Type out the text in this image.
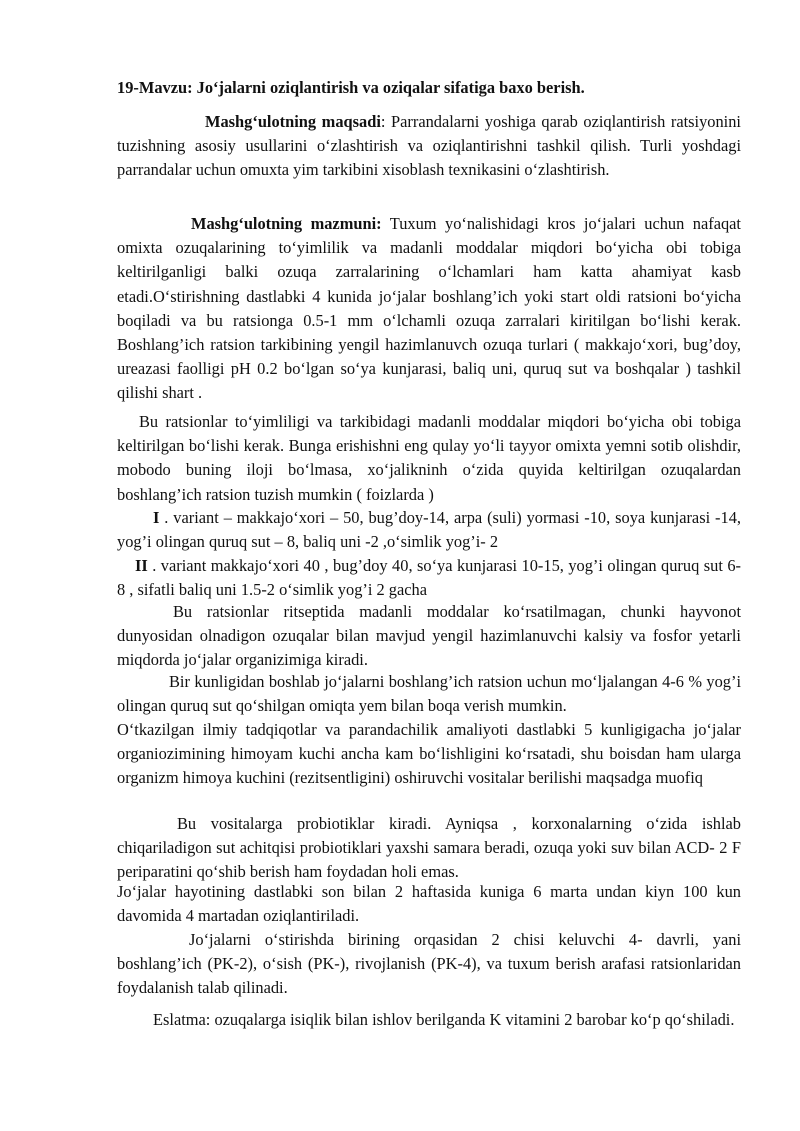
19-Mavzu: Jo‘jalarni oziqlantirish va oziqalar sifatiga baxo berish.

Mashg‘ulotning maqsadi: Parrandalarni yoshiga qarab oziqlantirish ratsiyonini tuzishning asosiy usullarini o‘zlashtirish va oziqlantirishni tashkil qilish. Turli yoshdagi parrandalar uchun omuxta yim tarkibini xisoblash texnikasini o‘zlashtirish.

Mashg‘ulotning mazmuni: Tuxum yo‘nalishidagi kros jo‘jalari uchun nafaqat omixta ozuqalarining to‘yimlilik va madanli moddalar miqdori bo‘yicha obi tobiga keltirilganligi balki ozuqa zarralarining o‘lchamlari ham katta ahamiyat kasb etadi.O‘stirishning dastlabki 4 kunida jo‘jalar boshlang’ich yoki start oldi ratsioni bo‘yicha boqiladi va bu ratsionga 0.5-1 mm o‘lchamli ozuqa zarralari kiritilgan bo‘lishi kerak. Boshlang’ich ratsion tarkibining yengil hazimlanuvch ozuqa turlari ( makkajo‘xori, bug’doy, ureazasi faolligi pH 0.2 bo‘lgan so‘ya kunjarasi, baliq uni, quruq sut va boshqalar ) tashkil qilishi shart .

Bu ratsionlar to‘yimliligi va tarkibidagi madanli moddalar miqdori bo‘yicha obi tobiga keltirilgan bo‘lishi kerak. Bunga erishishni eng qulay yo‘li tayyor omixta yemni sotib olishdir, mobodo buning iloji bo‘lmasa, xo‘jalikninh o‘zida quyida keltirilgan ozuqalardan boshlang’ich ratsion tuzish mumkin ( foizlarda )

I . variant – makkajo‘xori – 50, bug’doy-14, arpa (suli) yormasi -10, soya kunjarasi -14, yog’i olingan quruq sut – 8, baliq uni -2 ,o‘simlik yog’i- 2

II . variant makkajo‘xori 40 , bug’doy 40, so‘ya kunjarasi 10-15, yog’i olingan quruq sut 6-8 , sifatli baliq uni 1.5-2 o‘simlik yog’i 2 gacha

Bu ratsionlar ritseptida madanli moddalar ko‘rsatilmagan, chunki hayvonot dunyosidan olnadigon ozuqalar bilan mavjud yengil hazimlanuvchi kalsiy va fosfor yetarli miqdorda jo‘jalar organizimiga kiradi.

Bir kunligidan boshlab jo‘jalarni boshlang’ich ratsion uchun mo‘ljalangan 4-6 % yog’i olingan quruq sut qo‘shilgan omiqta yem bilan boqa verish mumkin.

O‘tkazilgan ilmiy tadqiqotlar va parandachilik amaliyoti dastlabki 5 kunligigacha jo‘jalar organiozimining himoyam kuchi ancha kam bo‘lishligini ko‘rsatadi, shu boisdan ham ularga organizm himoya kuchini (rezitsentligini) oshiruvchi vositalar berilishi maqsadga muofiq

Bu vositalarga probiotiklar kiradi. Ayniqsa , korxonalarning o‘zida ishlab chiqariladigon sut achitqisi probiotiklari yaxshi samara beradi, ozuqa yoki suv bilan ACD- 2 F periparatini qo‘shib berish ham foydadan holi emas.

Jo‘jalar hayotining dastlabki son bilan 2 haftasida kuniga 6 marta undan kiyn 100 kun davomida 4 martadan oziqlantiriladi.

Jo‘jalarni o‘stirishda birining orqasidan 2 chisi keluvchi 4- davrli, yani boshlang’ich (PK-2), o‘sish (PK-), rivojlanish (PK-4), va tuxum berish arafasi ratsionlaridan foydalanish talab qilinadi.

Eslatma: ozuqalarga isiqlik bilan ishlov berilganda K vitamini 2 barobar ko‘p qo‘shiladi.
